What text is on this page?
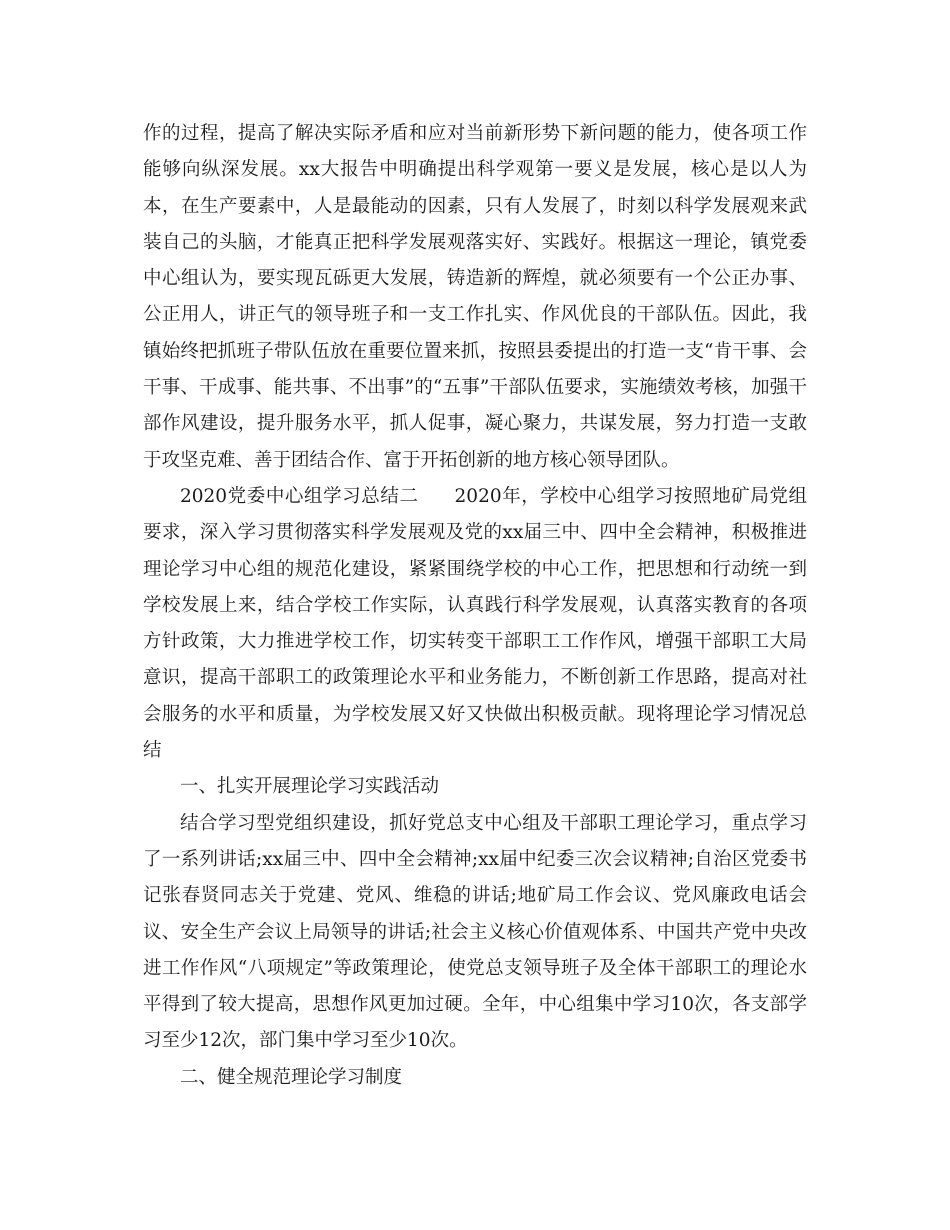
作的过程，提高了解决实际矛盾和应对当前新形势下新问题的能力，使各项工作能够向纵深发展。xx大报告中明确提出科学观第一要义是发展，核心是以人为本，在生产要素中，人是最能动的因素，只有人发展了，时刻以科学发展观来武装自己的头脑，才能真正把科学发展观落实好、实践好。根据这一理论，镇党委中心组认为，要实现瓦砾更大发展，铸造新的辉煌，就必须要有一个公正办事、公正用人，讲正气的领导班子和一支工作扎实、作风优良的干部队伍。因此，我镇始终把抓班子带队伍放在重要位置来抓，按照县委提出的打造一支“肯干事、会干事、干成事、能共事、不出事”的“五事”干部队伍要求，实施绩效考核，加强干部作风建设，提升服务水平，抓人促事，凝心聚力，共谋发展，努力打造一支敢于攻坚克难、善于团结合作、富于开拓创新的地方核心领导团队。

2020党委中心组学习总结二 2020年，学校中心组学习按照地矿局党组要求，深入学习贯彻落实科学发展观及党的xx届三中、四中全会精神，积极推进理论学习中心组的规范化建设，紧紧围绕学校的中心工作，把思想和行动统一到学校发展上来，结合学校工作实际，认真践行科学发展观，认真落实教育的各项方针政策，大力推进学校工作，切实转变干部职工工作作风，增强干部职工大局意识，提高干部职工的政策理论水平和业务能力，不断创新工作思路，提高对社会服务的水平和质量，为学校发展又好又快做出积极贡献。现将理论学习情况总结

一、扎实开展理论学习实践活动

结合学习型党组织建设，抓好党总支中心组及干部职工理论学习，重点学习了一系列讲话;xx届三中、四中全会精神;xx届中纪委三次会议精神;自治区党委书记张春贤同志关于党建、党风、维稳的讲话;地矿局工作会议、党风廉政电话会议、安全生产会议上局领导的讲话;社会主义核心价值观体系、中国共产党中央改进工作作风“八项规定”等政策理论，使党总支领导班子及全体干部职工的理论水平得到了较大提高，思想作风更加过硬。全年，中心组集中学习10次，各支部学习至少12次，部门集中学习至少10次。

二、健全规范理论学习制度
